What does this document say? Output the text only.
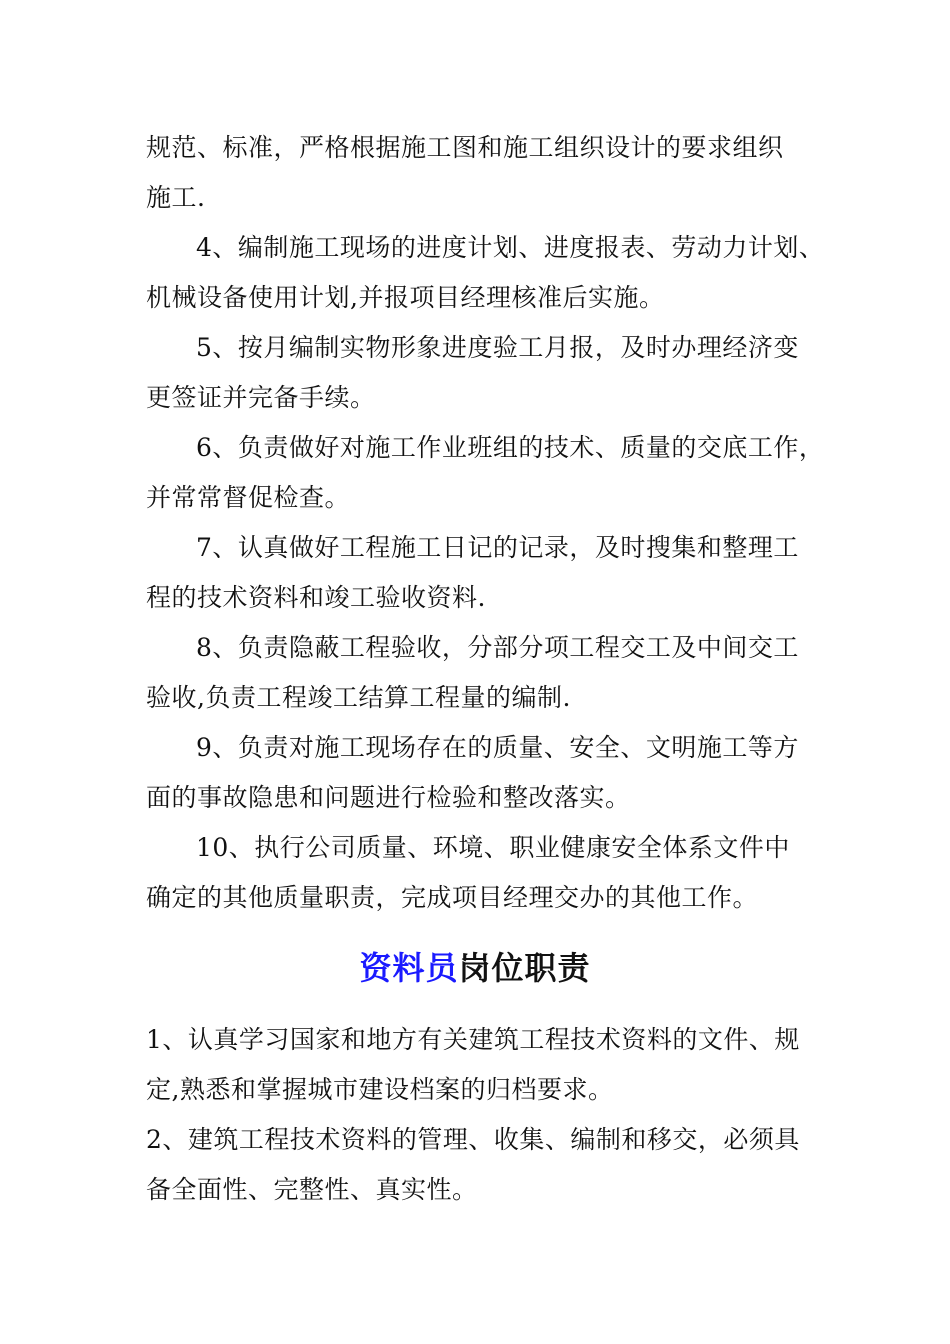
规范、标准，严格根据施工图和施工组织设计的要求组织
施工.
4、编制施工现场的进度计划、进度报表、劳动力计划、
机械设备使用计划,并报项目经理核准后实施。
5、按月编制实物形象进度验工月报，及时办理经济变
更签证并完备手续。
6、负责做好对施工作业班组的技术、质量的交底工作，
并常常督促检查。
7、认真做好工程施工日记的记录，及时搜集和整理工
程的技术资料和竣工验收资料.
8、负责隐蔽工程验收，分部分项工程交工及中间交工
验收,负责工程竣工结算工程量的编制.
9、负责对施工现场存在的质量、安全、文明施工等方
面的事故隐患和问题进行检验和整改落实。
10、执行公司质量、环境、职业健康安全体系文件中
确定的其他质量职责，完成项目经理交办的其他工作。
资料员岗位职责
1、认真学习国家和地方有关建筑工程技术资料的文件、规
定,熟悉和掌握城市建设档案的归档要求。
2、建筑工程技术资料的管理、收集、编制和移交，必须具
备全面性、完整性、真实性。
